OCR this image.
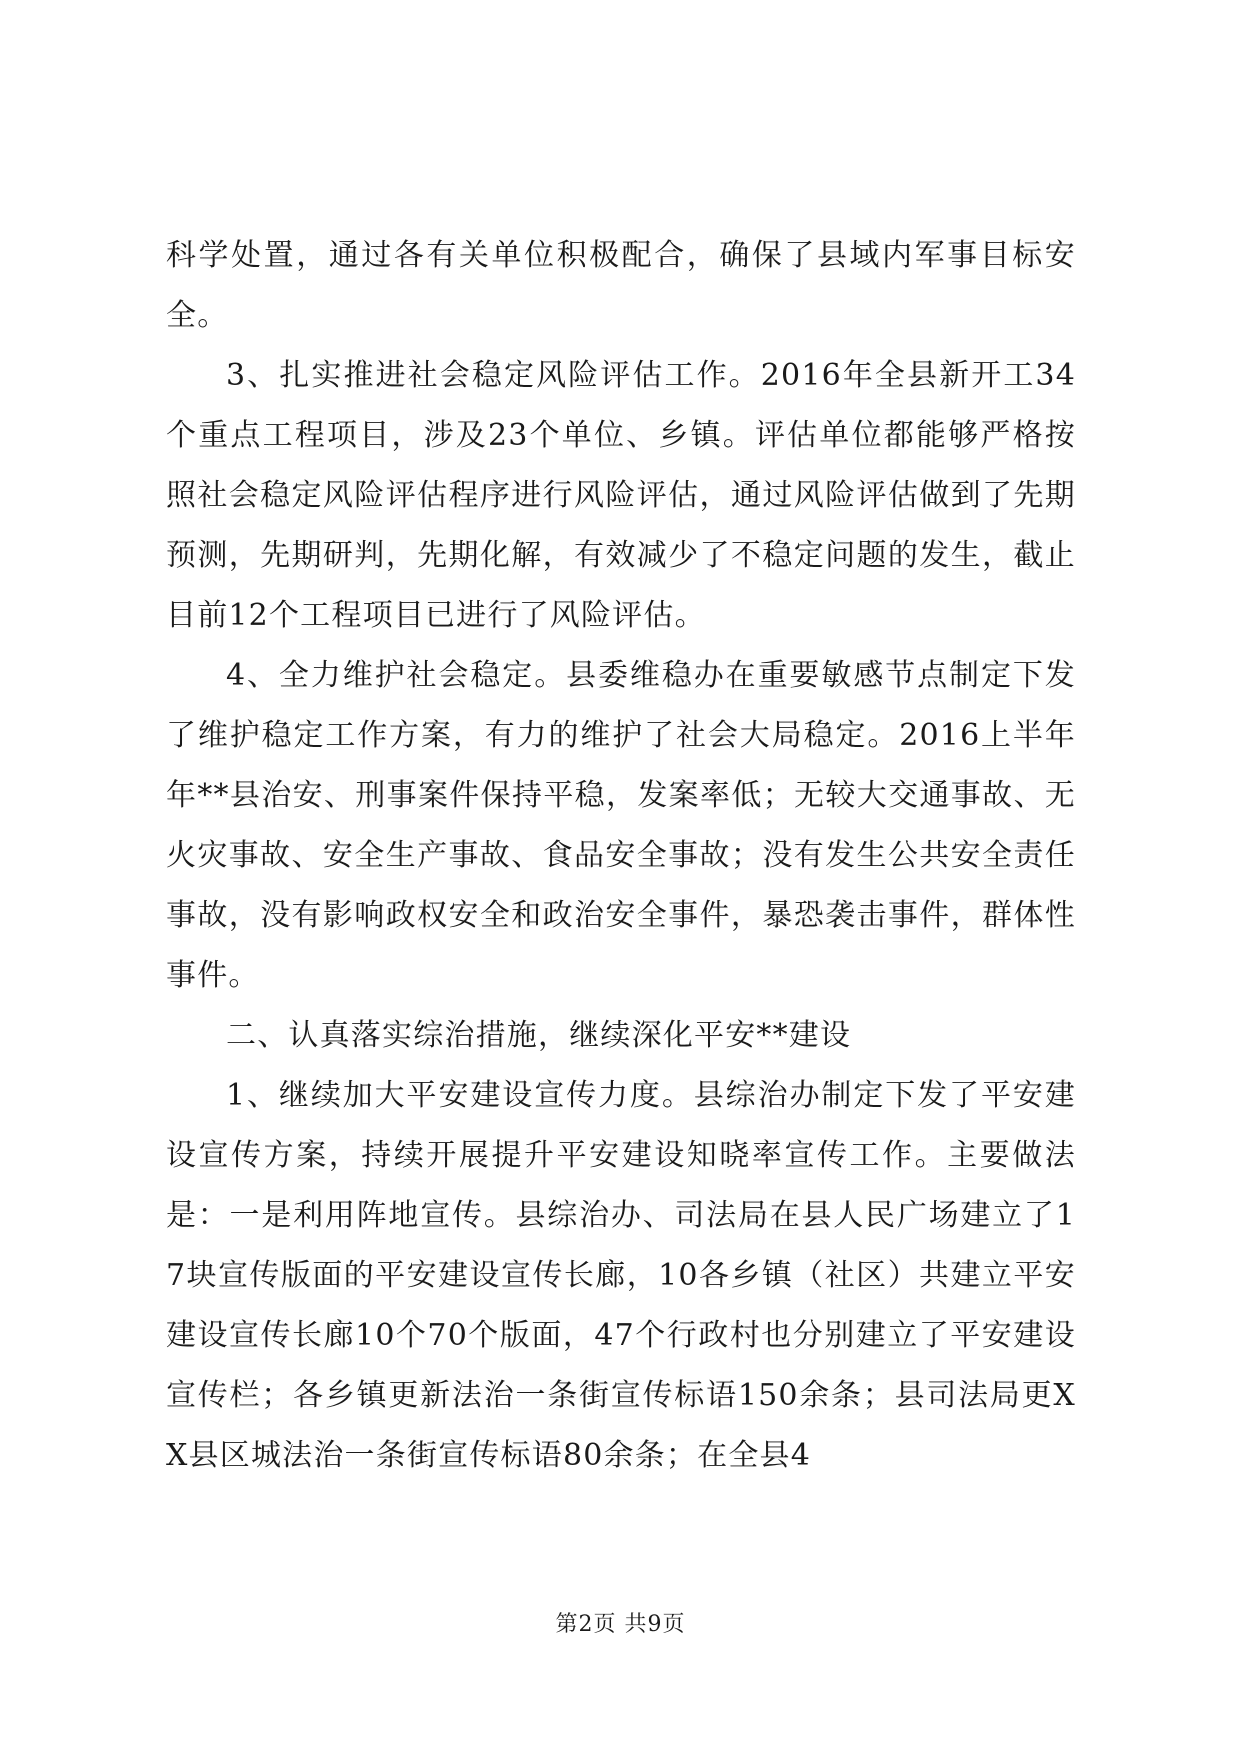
科学处置，通过各有关单位积极配合，确保了县域内军事目标安全。

3、扎实推进社会稳定风险评估工作。2016年全县新开工34个重点工程项目，涉及23个单位、乡镇。评估单位都能够严格按照社会稳定风险评估程序进行风险评估，通过风险评估做到了先期预测，先期研判，先期化解，有效减少了不稳定问题的发生，截止目前12个工程项目已进行了风险评估。

4、全力维护社会稳定。县委维稳办在重要敏感节点制定下发了维护稳定工作方案，有力的维护了社会大局稳定。2016上半年年**县治安、刑事案件保持平稳，发案率低；无较大交通事故、无火灾事故、安全生产事故、食品安全事故；没有发生公共安全责任事故，没有影响政权安全和政治安全事件，暴恐袭击事件，群体性事件。

二、认真落实综治措施，继续深化平安**建设

1、继续加大平安建设宣传力度。县综治办制定下发了平安建设宣传方案，持续开展提升平安建设知晓率宣传工作。主要做法是：一是利用阵地宣传。县综治办、司法局在县人民广场建立了17块宣传版面的平安建设宣传长廊，10各乡镇（社区）共建立平安建设宣传长廊10个70个版面，47个行政村也分别建立了平安建设宣传栏；各乡镇更新法治一条街宣传标语150余条；县司法局更XX县区城法治一条街宣传标语80余条；在全县4

第2页 共9页
